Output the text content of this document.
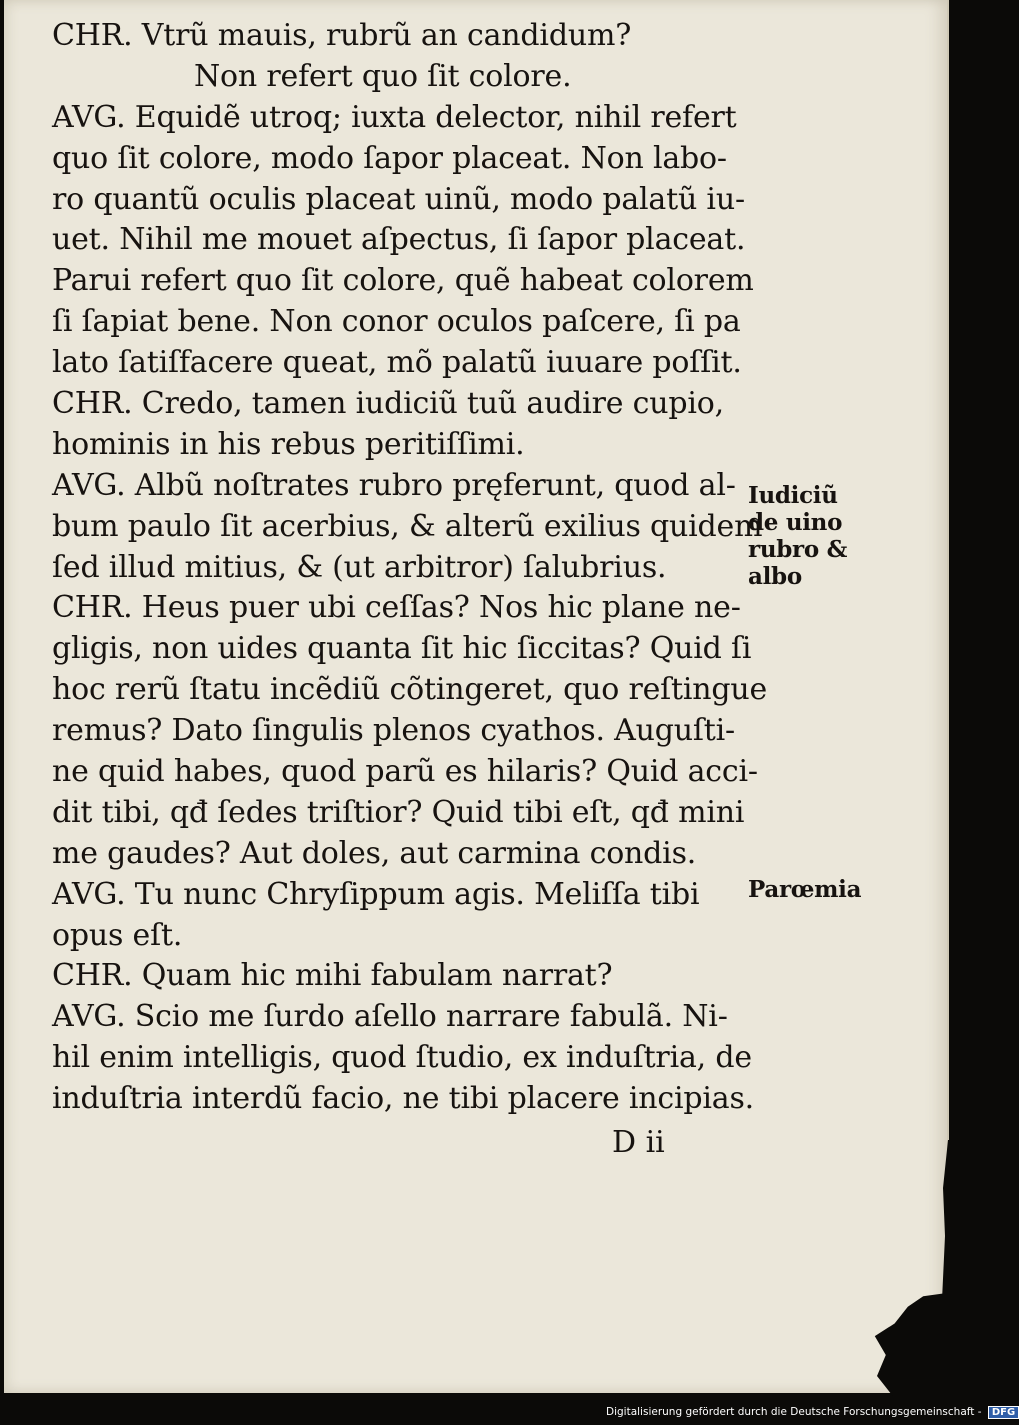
CHR. Vtrũ mauis, rubrũ an candidum?
Non refert quo ſit colore.
AVG. Equidẽ utroq; iuxta delector, nihil refert
quo ſit colore, modo ſapor placeat. Non labo-
ro quantũ oculis placeat uinũ, modo palatũ iu-
uet. Nihil me mouet aſpectus, ſi ſapor placeat.
Parui refert quo ſit colore, quẽ habeat colorem
ſi ſapiat bene. Non conor oculos paſcere, ſi pa
lato ſatiſfacere queat, mõ palatũ iuuare poſſit.
CHR. Credo, tamen iudiciũ tuũ audire cupio,
hominis in his rebus peritiſſimi.
AVG. Albũ noſtrates rubro pręferunt, quod al-
bum paulo ſit acerbius, & alterũ exilius quidem
ſed illud mitius, & (ut arbitror) ſalubrius.
CHR. Heus puer ubi ceſſas? Nos hic plane ne-
gligis, non uides quanta ſit hic ſiccitas? Quid ſi
hoc rerũ ſtatu incẽdiũ cõtingeret, quo reſtingue
remus? Dato ſingulis plenos cyathos. Auguſti-
ne quid habes, quod parũ es hilaris? Quid acci-
dit tibi, qđ ſedes triſtior? Quid tibi eſt, qđ mini
me gaudes? Aut doles, aut carmina condis.
AVG. Tu nunc Chryſippum agis. Meliſſa tibi
opus eſt.
CHR. Quam hic mihi fabulam narrat?
AVG. Scio me ſurdo aſello narrare fabulã. Ni-
hil enim intelligis, quod ſtudio, ex induſtria, de
induſtria interdũ facio, ne tibi placere incipias.
D ii
Iudiciũ
de uino
rubro &
albo
Parœmia
Digitalisierung gefördert durch die Deutsche Forschungsgemeinschaft - DFG
